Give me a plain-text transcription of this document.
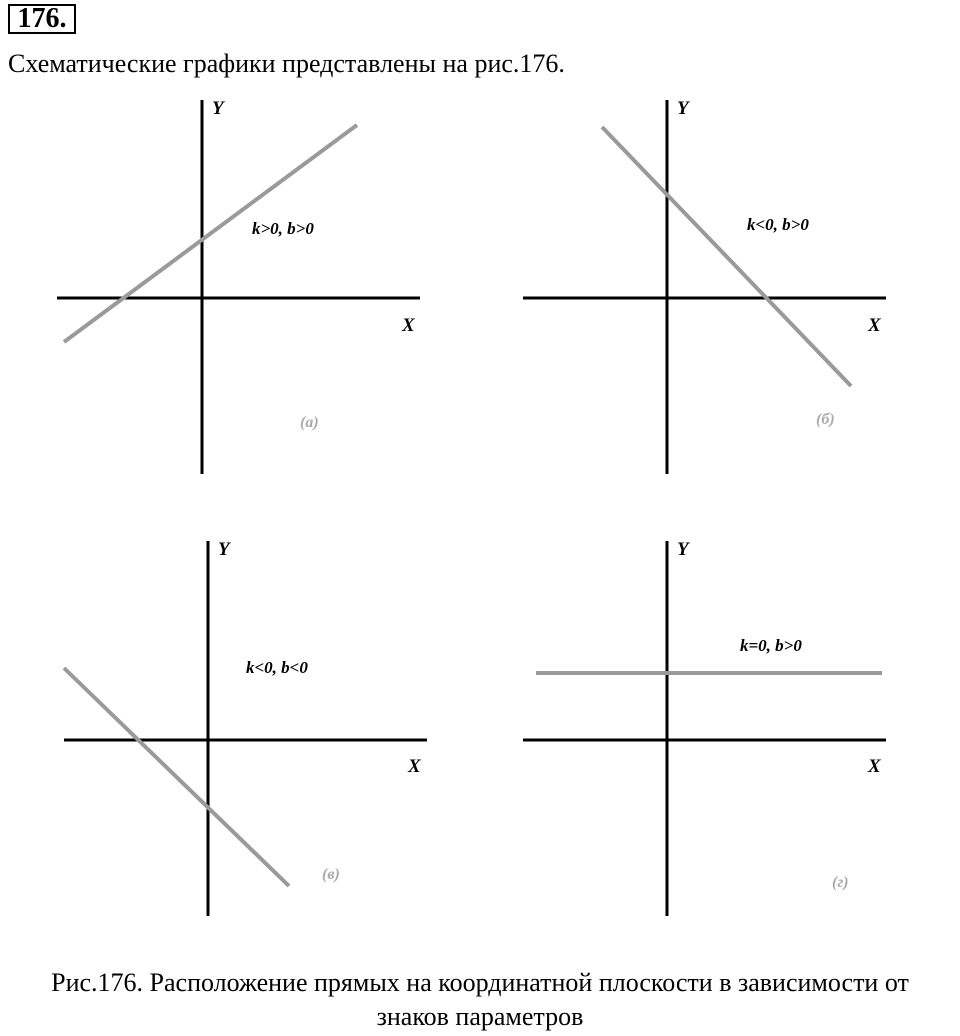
176.
Схематические графики представлены на рис.176.
Y
X
k>0, b>0
(а)
Y
X
k<0, b>0
(б)
Y
X
k<0, b<0
(в)
Y
X
k=0, b>0
(г)
Рис.176. Расположение прямых на координатной плоскости в зависимости от
знаков параметров
